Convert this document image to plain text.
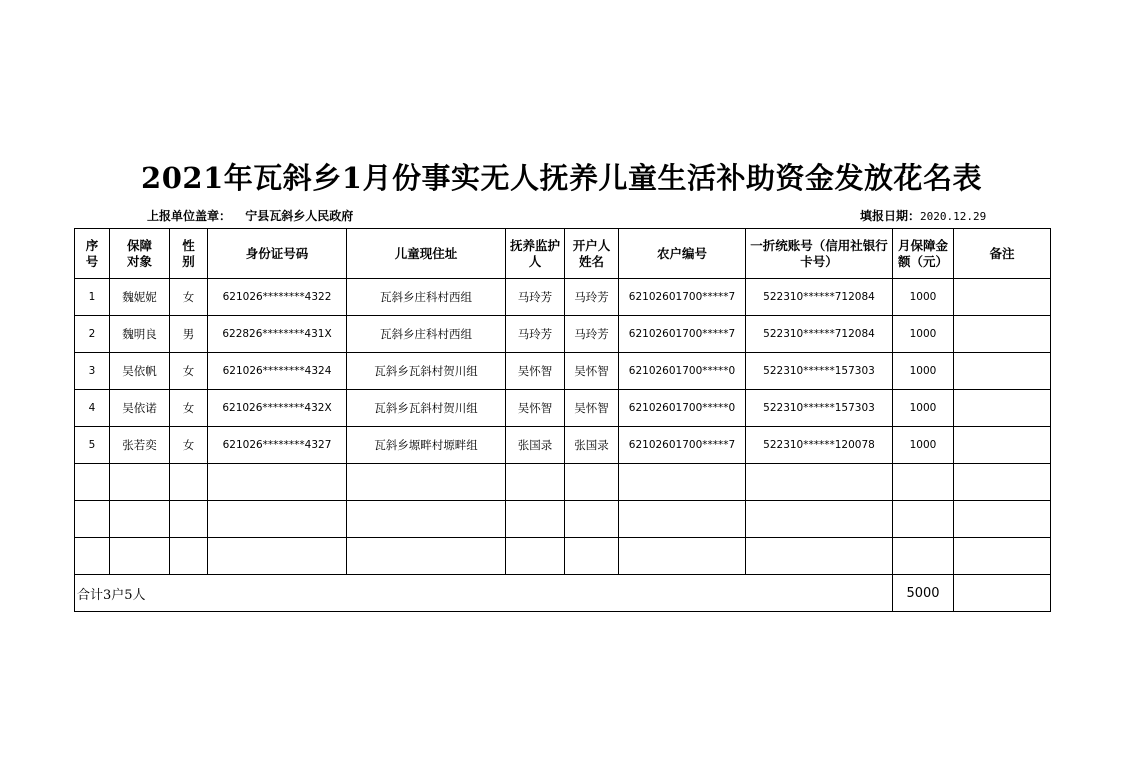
2021年瓦斜乡1月份事实无人抚养儿童生活补助资金发放花名表
上报单位盖章： 宁县瓦斜乡人民政府	填报日期：2020.12.29
序号	保障对象	性别	身份证号码	儿童现住址	抚养监护人	开户人姓名	农户编号	一折统账号（信用社银行卡号）	月保障金额（元）	备注
1	魏妮妮	女	621026********4322	瓦斜乡庄科村西组	马玲芳	马玲芳	62102601700*****7	522310******712084	1000	
2	魏明良	男	622826********431X	瓦斜乡庄科村西组	马玲芳	马玲芳	62102601700*****7	522310******712084	1000	
3	吴依帆	女	621026********4324	瓦斜乡瓦斜村贺川组	吴怀智	吴怀智	62102601700*****0	522310******157303	1000	
4	吴依诺	女	621026********432X	瓦斜乡瓦斜村贺川组	吴怀智	吴怀智	62102601700*****0	522310******157303	1000	
5	张若奕	女	621026********4327	瓦斜乡塬畔村塬畔组	张国录	张国录	62102601700*****7	522310******120078	1000	

合计3户5人									5000	
